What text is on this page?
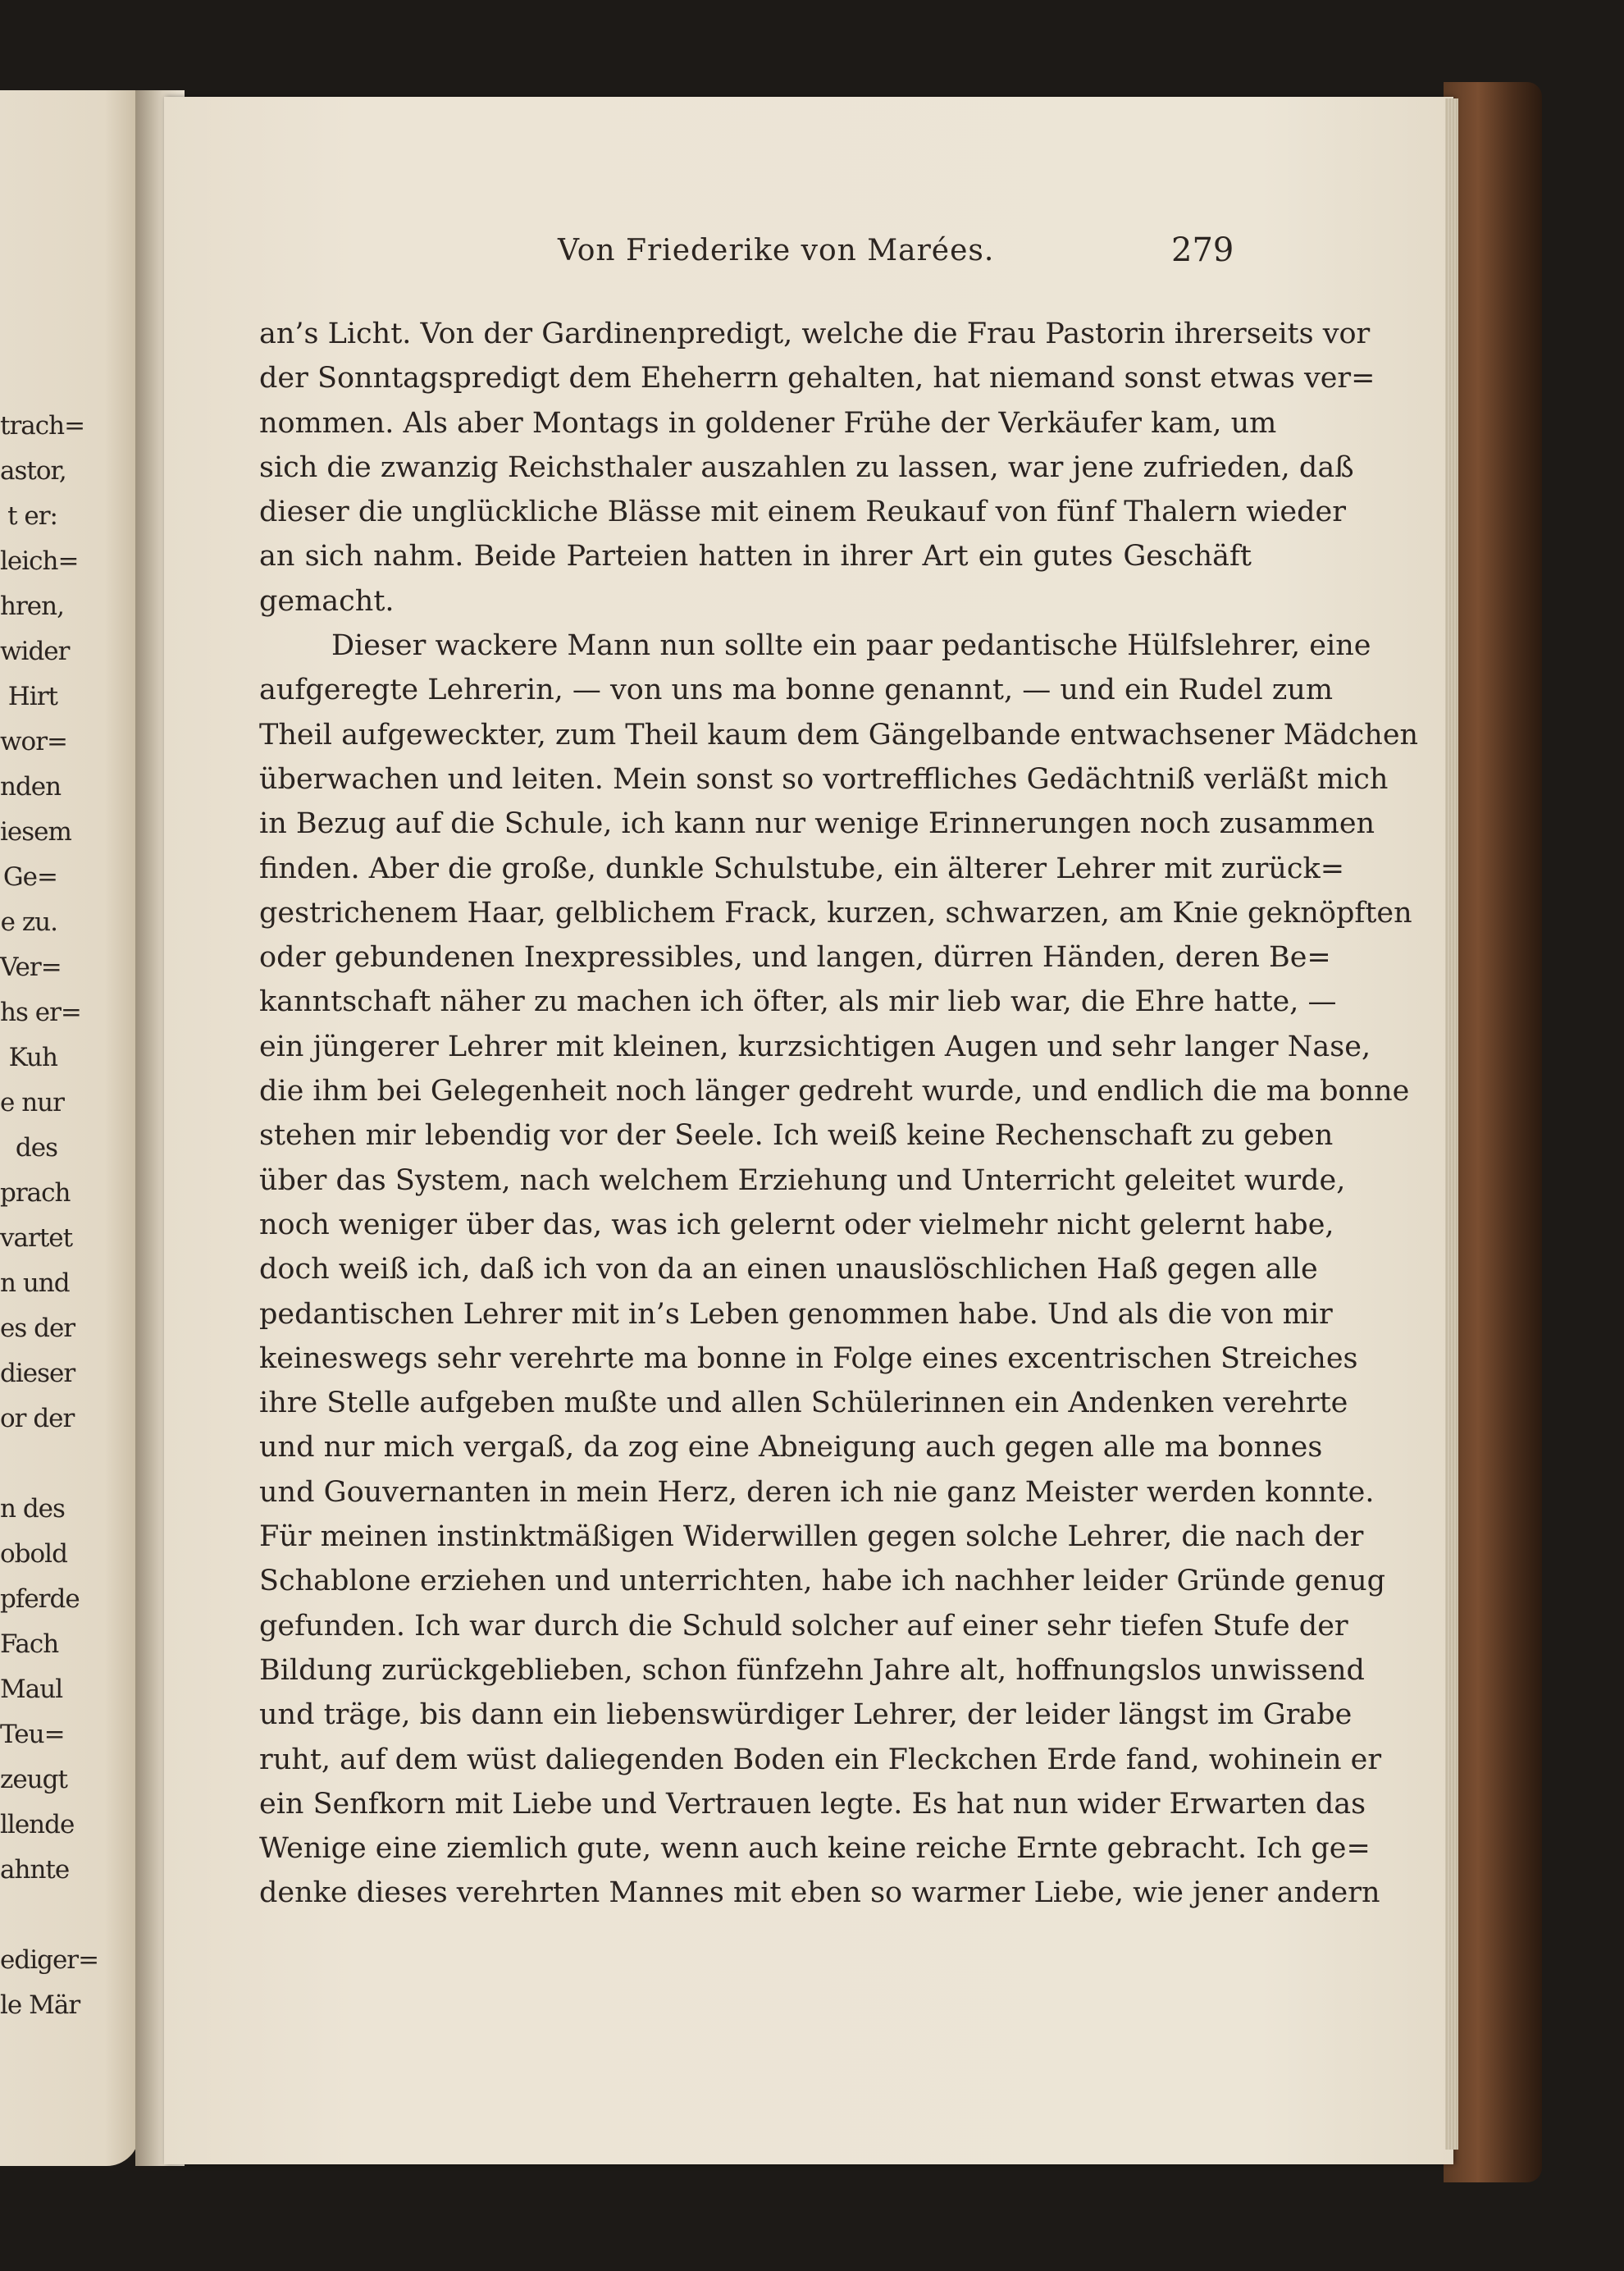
trach=
astor,
t er:
leich=
hren,
wider
Hirt
wor=
nden
iesem
Ge=
e zu.
Ver=
hs er=
Kuh
e nur
des
prach
vartet
n und
es der
dieser
or der
n des
obold
pferde
Fach
Maul
Teu=
zeugt
llende
ahnte
ediger=
le Mär
Von Friederike von Marées.	279
an’s Licht. Von der Gardinenpredigt, welche die Frau Pastorin ihrerseits vor
der Sonntagspredigt dem Eheherrn gehalten, hat niemand sonst etwas ver=
nommen. Als aber Montags in goldener Frühe der Verkäufer kam, um
sich die zwanzig Reichsthaler auszahlen zu lassen, war jene zufrieden, daß
dieser die unglückliche Blässe mit einem Reukauf von fünf Thalern wieder
an sich nahm. Beide Parteien hatten in ihrer Art ein gutes Geschäft
gemacht.
Dieser wackere Mann nun sollte ein paar pedantische Hülfslehrer, eine
aufgeregte Lehrerin, — von uns ma bonne genannt, — und ein Rudel zum
Theil aufgeweckter, zum Theil kaum dem Gängelbande entwachsener Mädchen
überwachen und leiten. Mein sonst so vortreffliches Gedächtniß verläßt mich
in Bezug auf die Schule, ich kann nur wenige Erinnerungen noch zusammen
finden. Aber die große, dunkle Schulstube, ein älterer Lehrer mit zurück=
gestrichenem Haar, gelblichem Frack, kurzen, schwarzen, am Knie geknöpften
oder gebundenen Inexpressibles, und langen, dürren Händen, deren Be=
kanntschaft näher zu machen ich öfter, als mir lieb war, die Ehre hatte, —
ein jüngerer Lehrer mit kleinen, kurzsichtigen Augen und sehr langer Nase,
die ihm bei Gelegenheit noch länger gedreht wurde, und endlich die ma bonne
stehen mir lebendig vor der Seele. Ich weiß keine Rechenschaft zu geben
über das System, nach welchem Erziehung und Unterricht geleitet wurde,
noch weniger über das, was ich gelernt oder vielmehr nicht gelernt habe,
doch weiß ich, daß ich von da an einen unauslöschlichen Haß gegen alle
pedantischen Lehrer mit in’s Leben genommen habe. Und als die von mir
keineswegs sehr verehrte ma bonne in Folge eines excentrischen Streiches
ihre Stelle aufgeben mußte und allen Schülerinnen ein Andenken verehrte
und nur mich vergaß, da zog eine Abneigung auch gegen alle ma bonnes
und Gouvernanten in mein Herz, deren ich nie ganz Meister werden konnte.
Für meinen instinktmäßigen Widerwillen gegen solche Lehrer, die nach der
Schablone erziehen und unterrichten, habe ich nachher leider Gründe genug
gefunden. Ich war durch die Schuld solcher auf einer sehr tiefen Stufe der
Bildung zurückgeblieben, schon fünfzehn Jahre alt, hoffnungslos unwissend
und träge, bis dann ein liebenswürdiger Lehrer, der leider längst im Grabe
ruht, auf dem wüst daliegenden Boden ein Fleckchen Erde fand, wohinein er
ein Senfkorn mit Liebe und Vertrauen legte. Es hat nun wider Erwarten das
Wenige eine ziemlich gute, wenn auch keine reiche Ernte gebracht. Ich ge=
denke dieses verehrten Mannes mit eben so warmer Liebe, wie jener andern
